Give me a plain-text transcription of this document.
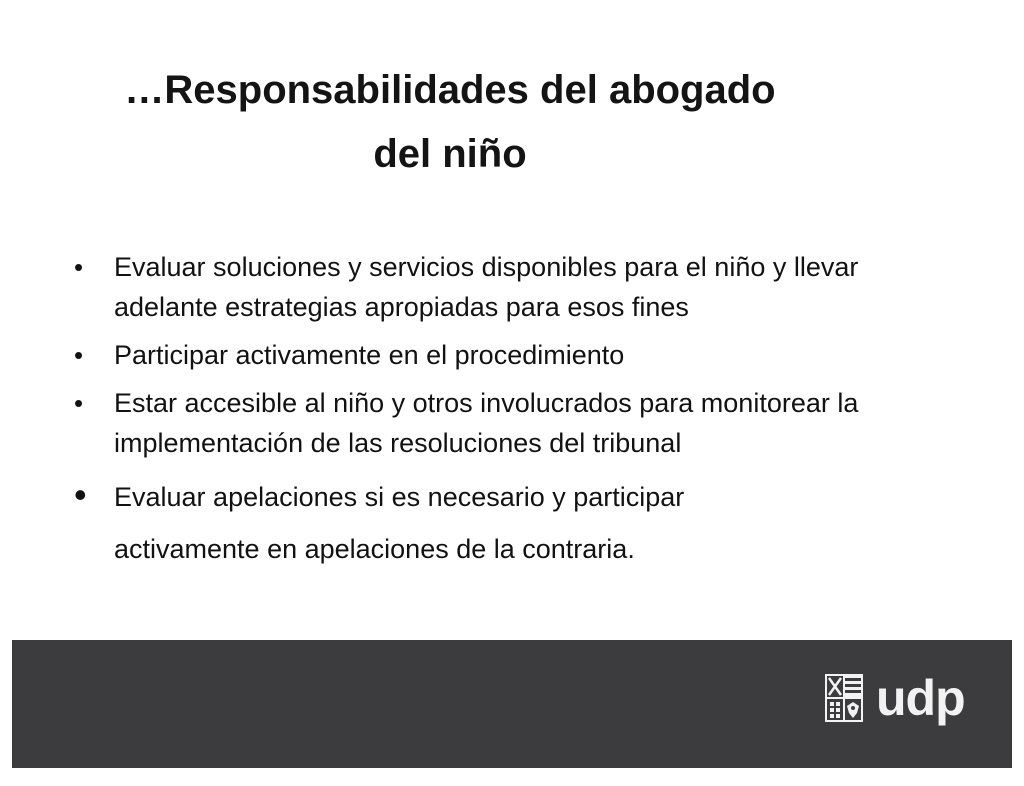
…Responsabilidades del abogado
del niño
•	Evaluar soluciones y servicios disponibles para el niño y llevar adelante estrategias apropiadas para esos fines
•	Participar activamente en el procedimiento
•	Estar accesible al niño y otros involucrados para monitorear la implementación de las resoluciones del tribunal
• Evaluar apelaciones si es necesario y participar
activamente en apelaciones de la contraria.
udp
